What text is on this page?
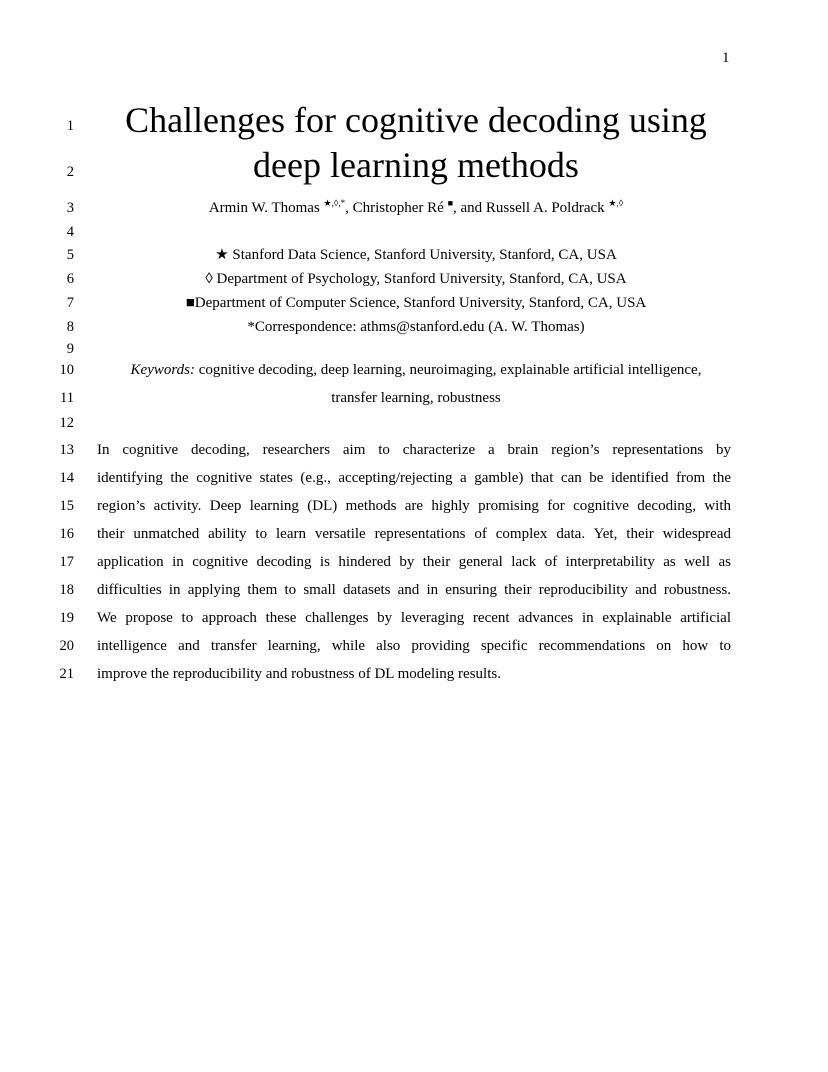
1
1
2
3
4
5
6
7
8
9
10
11
12
13
14
15
16
17
18
19
20
21
Challenges for cognitive decoding using
deep learning methods
Armin W. Thomas ★,◊,*, Christopher Ré ■, and Russell A. Poldrack ★,◊
★ Stanford Data Science, Stanford University, Stanford, CA, USA
◊ Department of Psychology, Stanford University, Stanford, CA, USA
■Department of Computer Science, Stanford University, Stanford, CA, USA
*Correspondence: athms@stanford.edu (A. W. Thomas)
Keywords: cognitive decoding, deep learning, neuroimaging, explainable artificial intelligence,
transfer learning, robustness
In cognitive decoding, researchers aim to characterize a brain region’s representations by
identifying the cognitive states (e.g., accepting/rejecting a gamble) that can be identified from the
region’s activity. Deep learning (DL) methods are highly promising for cognitive decoding, with
their unmatched ability to learn versatile representations of complex data. Yet, their widespread
application in cognitive decoding is hindered by their general lack of interpretability as well as
difficulties in applying them to small datasets and in ensuring their reproducibility and robustness.
We propose to approach these challenges by leveraging recent advances in explainable artificial
intelligence and transfer learning, while also providing specific recommendations on how to
improve the reproducibility and robustness of DL modeling results.
